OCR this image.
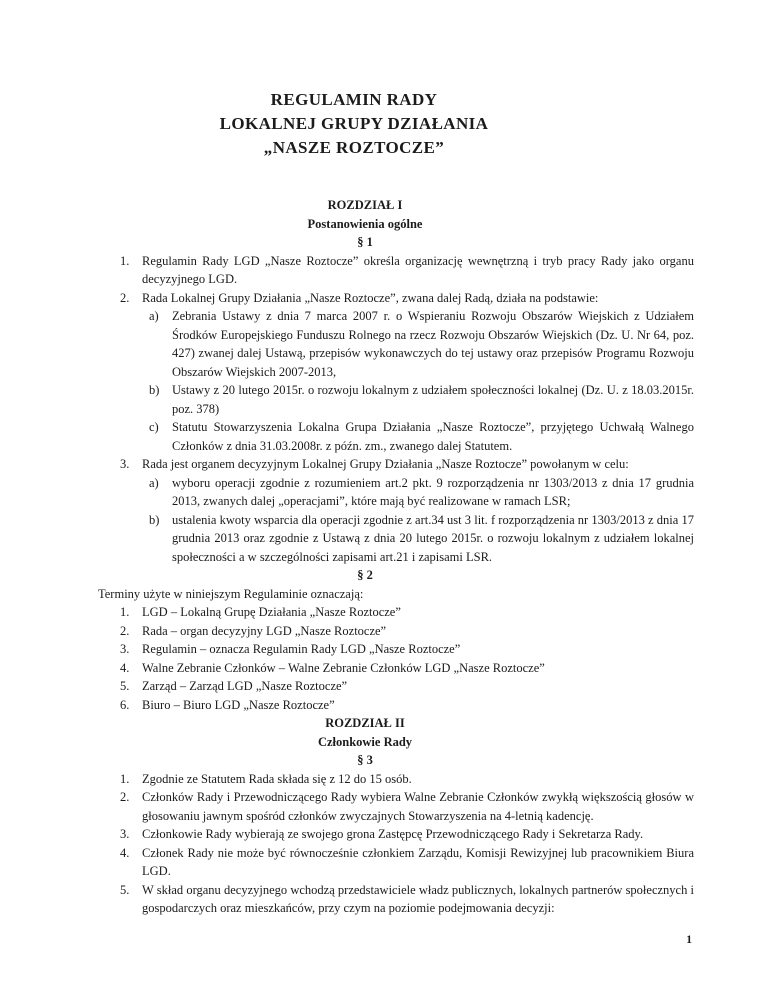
REGULAMIN RADY
LOKALNEJ GRUPY DZIAŁANIA
„NASZE ROZTOCZE”
ROZDZIAŁ I
Postanowienia ogólne
§ 1
1.	Regulamin Rady LGD „Nasze Roztocze” określa organizację wewnętrzną i tryb pracy Rady jako organu decyzyjnego LGD.
2.	Rada Lokalnej Grupy Działania „Nasze Roztocze”, zwana dalej Radą, działa na podstawie:
a)	Zebrania Ustawy z dnia 7 marca 2007 r. o Wspieraniu Rozwoju Obszarów Wiejskich z Udziałem Środków Europejskiego Funduszu Rolnego na rzecz Rozwoju Obszarów Wiejskich (Dz. U. Nr 64, poz. 427) zwanej dalej Ustawą, przepisów wykonawczych do tej ustawy oraz przepisów Programu Rozwoju Obszarów Wiejskich 2007-2013,
b)	Ustawy z 20 lutego 2015r. o rozwoju lokalnym z udziałem społeczności lokalnej (Dz. U. z 18.03.2015r. poz. 378)
c)	Statutu Stowarzyszenia Lokalna Grupa Działania „Nasze Roztocze”, przyjętego Uchwałą Walnego Członków z dnia 31.03.2008r. z późn. zm., zwanego dalej Statutem.
3.	Rada jest organem decyzyjnym Lokalnej Grupy Działania „Nasze Roztocze” powołanym w celu:
a)	wyboru operacji zgodnie z rozumieniem art.2 pkt. 9 rozporządzenia nr 1303/2013 z dnia 17 grudnia 2013, zwanych dalej „operacjami”, które mają być realizowane w ramach LSR;
b)	ustalenia kwoty wsparcia dla operacji zgodnie z art.34 ust 3 lit. f rozporządzenia nr 1303/2013 z dnia 17 grudnia 2013 oraz zgodnie z Ustawą z dnia 20 lutego 2015r. o rozwoju lokalnym z udziałem lokalnej społeczności a w szczególności zapisami art.21 i zapisami LSR.
§ 2
Terminy użyte w niniejszym Regulaminie oznaczają:
1.	LGD – Lokalną Grupę Działania „Nasze Roztocze”
2.	Rada – organ decyzyjny LGD „Nasze Roztocze”
3.	Regulamin – oznacza Regulamin Rady LGD „Nasze Roztocze”
4.	Walne Zebranie Członków – Walne Zebranie Członków LGD „Nasze Roztocze”
5.	Zarząd – Zarząd LGD „Nasze Roztocze”
6.	Biuro – Biuro LGD „Nasze Roztocze”
ROZDZIAŁ II
Członkowie Rady
§ 3
1.	Zgodnie ze Statutem Rada składa się z 12 do 15 osób.
2.	Członków Rady i Przewodniczącego Rady wybiera Walne Zebranie Członków zwykłą większością głosów w głosowaniu jawnym spośród członków zwyczajnych Stowarzyszenia na 4-letnią kadencję.
3.	Członkowie Rady wybierają ze swojego grona Zastępcę Przewodniczącego Rady i Sekretarza Rady.
4.	Członek Rady nie może być równocześnie członkiem Zarządu, Komisji Rewizyjnej lub pracownikiem Biura LGD.
5.	W skład organu decyzyjnego wchodzą przedstawiciele władz publicznych, lokalnych partnerów społecznych i gospodarczych oraz mieszkańców, przy czym na poziomie podejmowania decyzji:
1
